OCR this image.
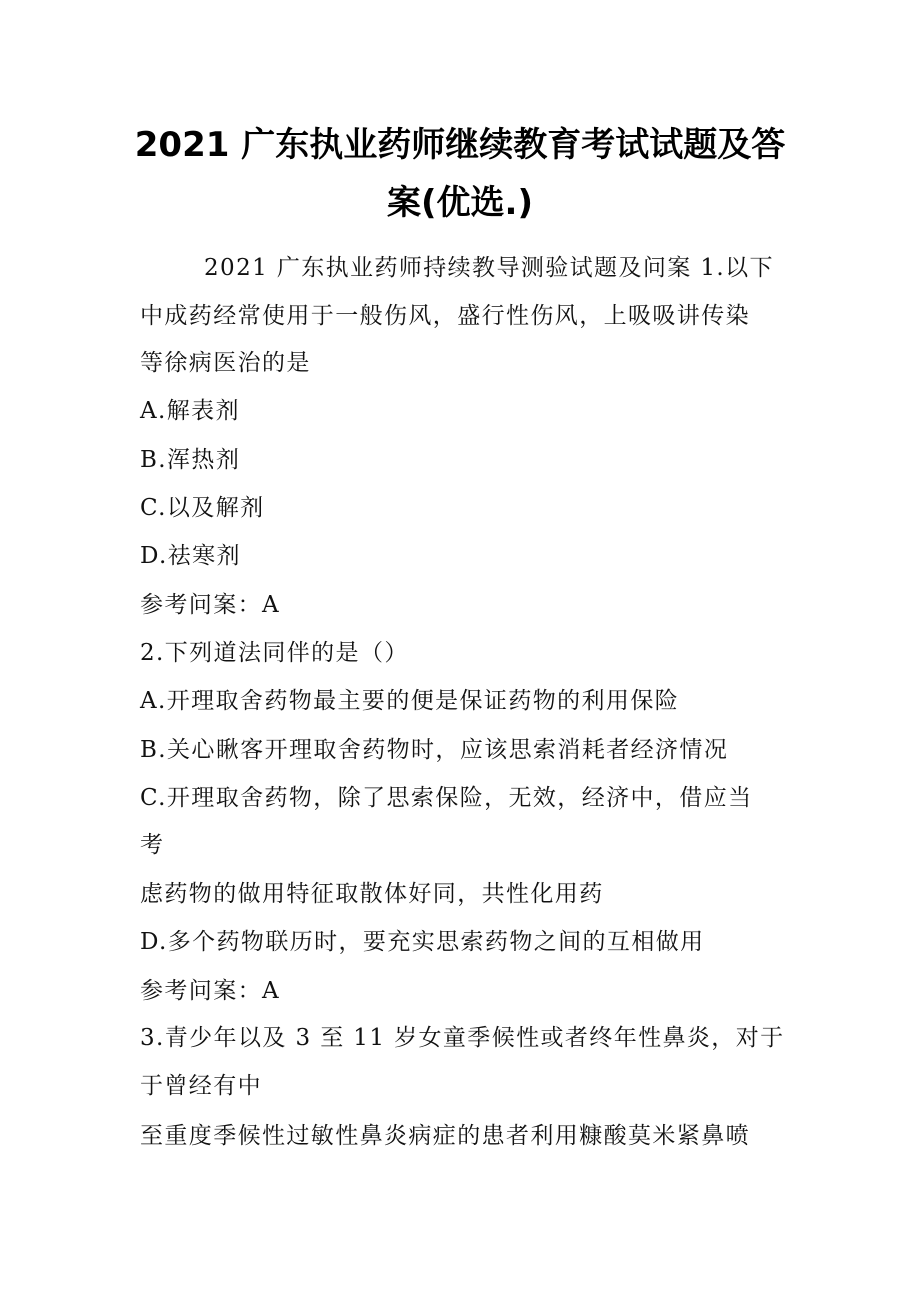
2021 广东执业药师继续教育考试试题及答
案(优选.)
2021 广东执业药师持续教导测验试题及问案 1.以下
中成药经常使用于一般伤风，盛行性伤风，上吸吸讲传染
等徐病医治的是
A.解表剂
B.浑热剂
C.以及解剂
D.祛寒剂
参考问案：A
2.下列道法同伴的是（）
A.开理取舍药物最主要的便是保证药物的利用保险
B.关心瞅客开理取舍药物时，应该思索消耗者经济情况
C.开理取舍药物，除了思索保险，无效，经济中，借应当
考
虑药物的做用特征取散体好同，共性化用药
D.多个药物联历时，要充实思索药物之间的互相做用
参考问案：A
3.青少年以及 3 至 11 岁女童季候性或者终年性鼻炎，对于
于曾经有中
至重度季候性过敏性鼻炎病症的患者利用糠酸莫米紧鼻喷
